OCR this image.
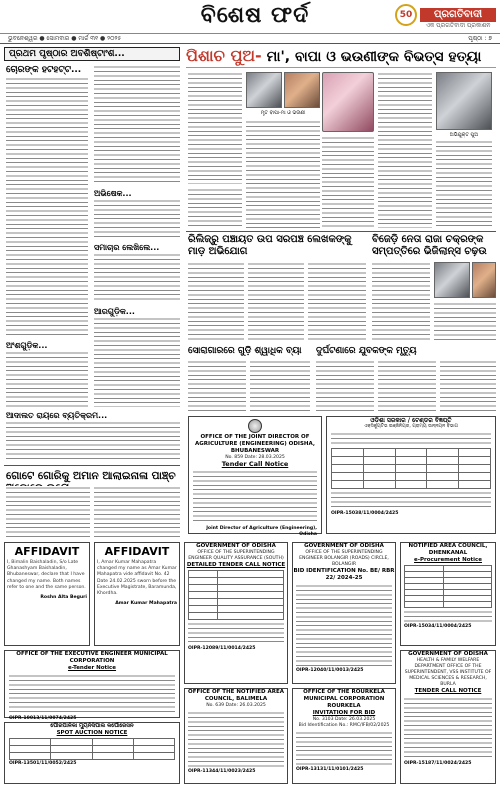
ବିଶେଷ ଫର୍ଦ	50	ପ୍ରଗତିବାଦୀ
ଏକ ପ୍ରଗତିବାଦୀ ପ୍ରକାଶନ
ଭୁବନେଶ୍ୱର ● ସୋମବାର ● ମାର୍ଚ୍ଚ ୩୧ ● ୨୦୨୫	ପୃଷ୍ଠା : ୭
ପ୍ରଥମ ପୃଷ୍ଠାର ଅବଶିଷ୍ଟାଂଶ...
ଚୋରଙ୍କ ହଟହଟ୍ଟ...
ଅଭିଷେକ...
ସମାଚାର ଲେଖିଲେ...
ଆରଗୁଡ଼ିକ...
ଅଂଶଗୁଡ଼ିକ...
ଆଦାଲତ ରାୟରେ ବ୍ୟତିକ୍ରମ...
ଗୋଟେ ଗୋରିକୁ ଅମାନ ଆଲାଇନାଳା ପାଞ୍ଚ୍ଚ
ପିଶାଚ ପୁଅ- ମା', ବାପା ଓ ଭଉଣୀଙ୍କ ବିଭତ୍ସ ହତ୍ୟା
ମୃତ ବାପା-ମା ଓ ଭଉଣୀ
ଅଭିଯୁକ୍ତ ପୁଅ
ରିଲିଜ୍‌ରୁ ପଞ୍ଚାୟତ ଉପ ସରପଞ୍ଚ ଲେଖକଙ୍କୁ ମାଡ଼ ଅଭିଯୋଗ
ବିଜେଡ଼ି ନେତା ରାଜା ଚକ୍ରଙ୍କ ସମ୍ପତ୍ତିରେ ଭିଜିଲାନ୍ସ ଚଢ଼ଉ
ସୋରାଗାରରେ ଗୁଡ଼ି ଶ୍ୱାଧିକ ବ୍ୟା	ଦୁର୍ଘଟଣାରେ ଯୁବକଙ୍କ ମୃତ୍ୟୁ
OFFICE OF THE JOINT DIRECTOR OF AGRICULTURE (ENGINEERING) ODISHA, BHUBANESWAR
No. 859 Date: 28.03.2025
Tender Call Notice
Joint Director of Agriculture (Engineering), Odisha
ଓଡ଼ିଶା ସରକାର / ଟେଣ୍ଡର ବିଜ୍ଞପ୍ତି
ଏକ୍ସିକ୍ୟୁଟିଭ ଇଞ୍ଜିନିୟର, ଗ୍ରାମ୍ୟ ଉନ୍ନୟନ ବିଭାଗ

OIPR-15038/11/0004/2425
AFFIDAVIT
I, Bimalin Baishaladin, S/o Late Ghanashyam Baishaladin, Bhubaneswar, declare that I have changed my name. Both names refer to one and the same person.
Roshn Alta Beguri
AFFIDAVIT
I, Amar Kumar Mahapatra changed my name as Amar Kumar Mahapatra vide affidavit No. 42 Date 24.02.2025 sworn before the Executive Magistrate, Baramunda, Khordha.
Amar Kumar Mahapatra
OFFICE OF THE EXECUTIVE ENGINEER MUNICIPAL CORPORATION
e-Tender Notice
OIPR-10013/11/0074/2425
ପୌରପାଳିକା ମ୍ୟୁନିସିପାଲ କର୍ପୋରେସନ
SPOT AUCTION NOTICE

OIPR-13501/11/0052/2425
GOVERNMENT OF ODISHA
OFFICE OF THE SUPERINTENDING ENGINEER QUALITY ASSURANCE (SOUTH)
DETAILED TENDER CALL NOTICE

OIPR-12089/11/0014/2425
GOVERNMENT OF ODISHA
OFFICE OF THE SUPERINTENDING ENGINEER BOLANGIR (ROADS) CIRCLE, BOLANGIR
BID IDENTIFICATION No. BE/ RBR 22/ 2024-25
OIPR-12040/11/0013/2425
NOTIFIED AREA COUNCIL, DHENKANAL
e-Procurement Notice

OIPR-15034/11/0004/2425
OFFICE OF THE NOTIFIED AREA COUNCIL, BALIMELA
No. 639 Date: 26.03.2025
OIPR-11344/11/0023/2425
OFFICE OF THE ROURKELA MUNICIPAL CORPORATION ROURKELA
INVITATION FOR BID
No. 3103 Date: 26.03.2025
Bid Identification No.: RMC/IFB/02/2025
OIPR-13131/11/0101/2425
GOVERNMENT OF ODISHA
HEALTH & FAMILY WELFARE DEPARTMENT OFFICE OF THE SUPERINTENDENT, VSS INSTITUTE OF MEDICAL SCIENCES & RESEARCH, BURLA
TENDER CALL NOTICE
OIPR-15187/11/0024/2425
